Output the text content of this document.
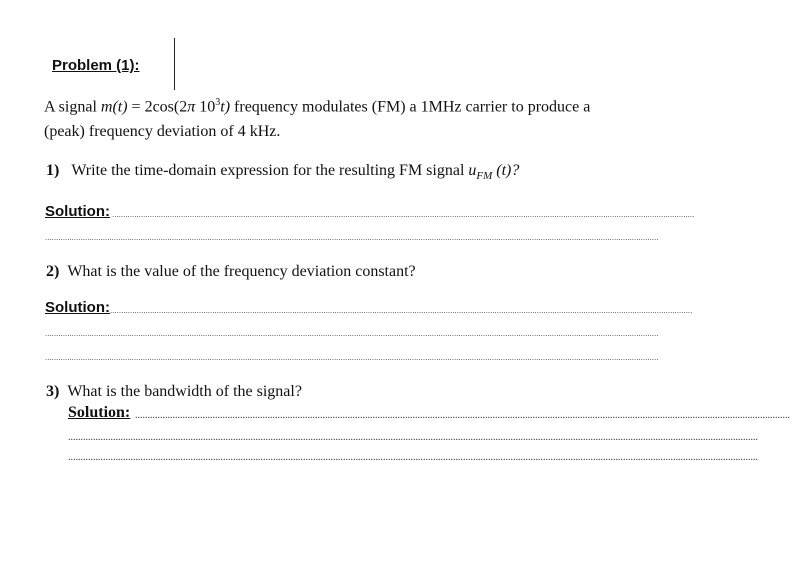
Problem (1):
A signal m(t) = 2cos(2π $10^3t$) frequency modulates (FM) a 1MHz carrier to produce a
(peak) frequency deviation of 4 kHz.
1) Write the time-domain expression for the resulting FM signal $u_{FM}$ (t)?
Solution: ......................................................................................................................................................................................................................................................................
....................................................................................................................................................................................................................................................................................
2) What is the value of the frequency deviation constant?
Solution: ......................................................................................................................................................................................................................................................................
....................................................................................................................................................................................................................................................................................
....................................................................................................................................................................................................................................................................................
3) What is the bandwidth of the signal?
Solution: ......................................................................................................................................................................................................................................................................
....................................................................................................................................................................................................................................................................................
....................................................................................................................................................................................................................................................................................
